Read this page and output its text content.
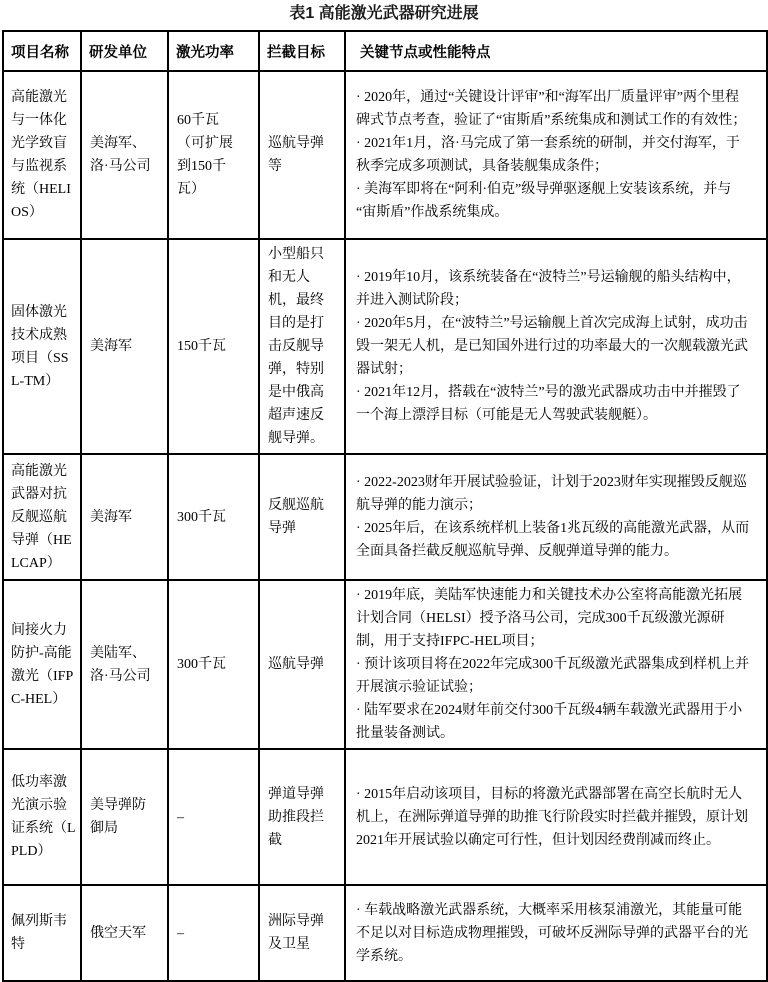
表1 高能激光武器研究进展
项目名称	研发单位	激光功率	拦截目标	关键节点或性能特点
高能激光与一体化光学致盲与监视系统（HELIOS）	美海军、洛·马公司	60千瓦（可扩展到150千瓦）	巡航导弹等	· 2020年，通过“关键设计评审”和“海军出厂质量评审”两个里程碑式节点考查，验证了“宙斯盾”系统集成和测试工作的有效性；
· 2021年1月，洛·马完成了第一套系统的研制，并交付海军，于秋季完成多项测试，具备装舰集成条件；
· 美海军即将在“阿利·伯克”级导弹驱逐舰上安装该系统，并与“宙斯盾”作战系统集成。

固体激光技术成熟项目（SSL-TM）	美海军	150千瓦	小型船只和无人机，最终目的是打击反舰导弹，特别是中俄高超声速反舰导弹。	· 2019年10月，该系统装备在“波特兰”号运输舰的船头结构中，并进入测试阶段；
· 2020年5月，在“波特兰”号运输舰上首次完成海上试射，成功击毁一架无人机，是已知国外进行过的功率最大的一次舰载激光武器试射；
· 2021年12月，搭载在“波特兰”号的激光武器成功击中并摧毁了一个海上漂浮目标（可能是无人驾驶武装舰艇）。

高能激光武器对抗反舰巡航导弹（HELCAP）	美海军	300千瓦	反舰巡航导弹	· 2022-2023财年开展试验验证，计划于2023财年实现摧毁反舰巡航导弹的能力演示；
· 2025年后，在该系统样机上装备1兆瓦级的高能激光武器，从而全面具备拦截反舰巡航导弹、反舰弹道导弹的能力。

间接火力防护-高能激光（IFPC-HEL）	美陆军、洛·马公司	300千瓦	巡航导弹	· 2019年底，美陆军快速能力和关键技术办公室将高能激光拓展计划合同（HELSI）授予洛马公司，完成300千瓦级激光源研制，用于支持IFPC-HEL项目；
· 预计该项目将在2022年完成300千瓦级激光武器集成到样机上并开展演示验证试验；
· 陆军要求在2024财年前交付300千瓦级4辆车载激光武器用于小批量装备测试。

低功率激光演示验证系统（LPLD）	美导弹防御局	–	弹道导弹助推段拦截	· 2015年启动该项目，目标的将激光武器部署在高空长航时无人机上，在洲际弹道导弹的助推飞行阶段实时拦截并摧毁，原计划2021年开展试验以确定可行性，但计划因经费削减而终止。

佩列斯韦特	俄空天军	–	洲际导弹及卫星	· 车载战略激光武器系统，大概率采用核泵浦激光，其能量可能不足以对目标造成物理摧毁，可破坏反洲际导弹的武器平台的光学系统。
